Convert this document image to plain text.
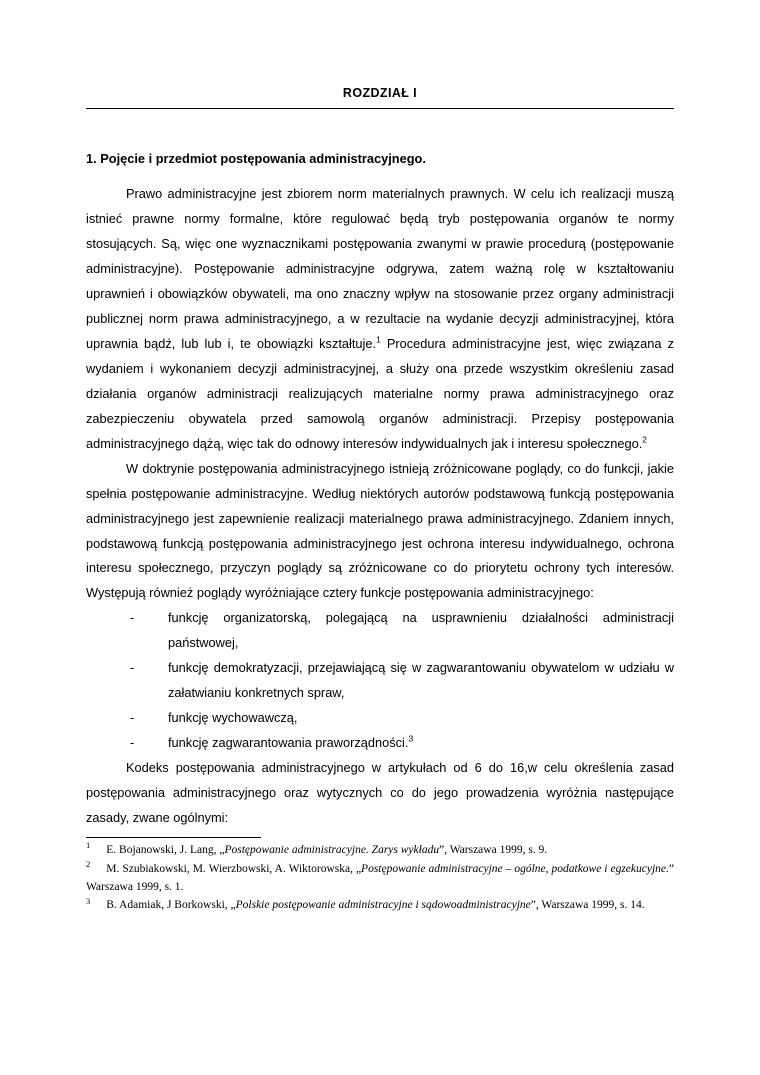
ROZDZIAŁ I
1. Pojęcie i przedmiot postępowania administracyjnego.

Prawo administracyjne jest zbiorem norm materialnych prawnych. W celu ich realizacji muszą istnieć prawne normy formalne, które regulować będą tryb postępowania organów te normy stosujących. Są, więc one wyznacznikami postępowania zwanymi w prawie procedurą (postępowanie administracyjne). Postępowanie administracyjne odgrywa, zatem ważną rolę w kształtowaniu uprawnień i obowiązków obywateli, ma ono znaczny wpływ na stosowanie przez organy administracji publicznej norm prawa administracyjnego, a w rezultacie na wydanie decyzji administracyjnej, która uprawnia bądź, lub lub i, te obowiązki kształtuje.$^1$ Procedura administracyjne jest, więc związana z wydaniem i wykonaniem decyzji administracyjnej, a służy ona przede wszystkim określeniu zasad działania organów administracji realizujących materialne normy prawa administracyjnego oraz zabezpieczeniu obywatela przed samowolą organów administracji. Przepisy postępowania administracyjnego dążą, więc tak do odnowy interesów indywidualnych jak i interesu społecznego.$^2$

W doktrynie postępowania administracyjnego istnieją zróżnicowane poglądy, co do funkcji, jakie spełnia postępowanie administracyjne. Według niektórych autorów podstawową funkcją postępowania administracyjnego jest zapewnienie realizacji materialnego prawa administracyjnego. Zdaniem innych, podstawową funkcją postępowania administracyjnego jest ochrona interesu indywidualnego, ochrona interesu społecznego, przyczyn poglądy są zróżnicowane co do priorytetu ochrony tych interesów. Występują również poglądy wyróżniające cztery funkcje postępowania administracyjnego:

-	funkcję organizatorską, polegającą na usprawnieniu działalności administracji państwowej,
-	funkcję demokratyzacji, przejawiającą się w zagwarantowaniu obywatelom w udziału w załatwianiu konkretnych spraw,
-	funkcję wychowawczą,
-	funkcję zagwarantowania praworządności.$^3$

Kodeks postępowania administracyjnego w artykułach od 6 do 16,w celu określenia zasad postępowania administracyjnego oraz wytycznych co do jego prowadzenia wyróżnia następujące zasady, zwane ogólnymi:

$^1$ E. Bojanowski, J. Lang, „Postępowanie administracyjne. Zarys wykładu”, Warszawa 1999, s. 9.

$^2$ M. Szubiakowski, M. Wierzbowski, A. Wiktorowska, „Postępowanie administracyjne – ogólne, podatkowe i egzekucyjne.” Warszawa 1999, s. 1.

$^3$ B. Adamiak, J Borkowski, „Polskie postępowanie administracyjne i sądowoadministracyjne”, Warszawa 1999, s. 14.
